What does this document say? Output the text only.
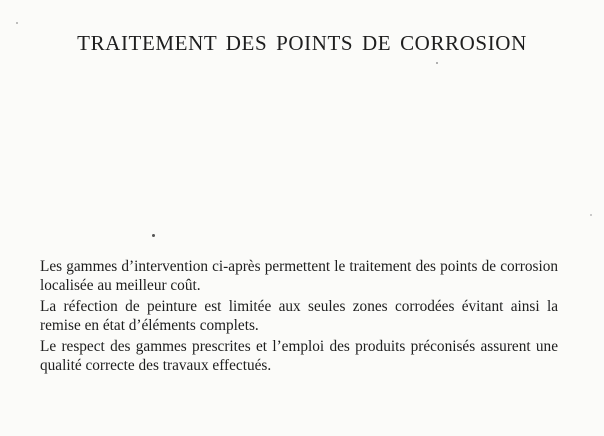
TRAITEMENT DES POINTS DE CORROSION

Les gammes d’intervention ci-après permettent le traitement des points de corrosion localisée au meilleur coût.

La réfection de peinture est limitée aux seules zones corrodées évitant ainsi la remise en état d’éléments complets.

Le respect des gammes prescrites et l’emploi des produits préconisés assurent une qualité correcte des travaux effectués.
